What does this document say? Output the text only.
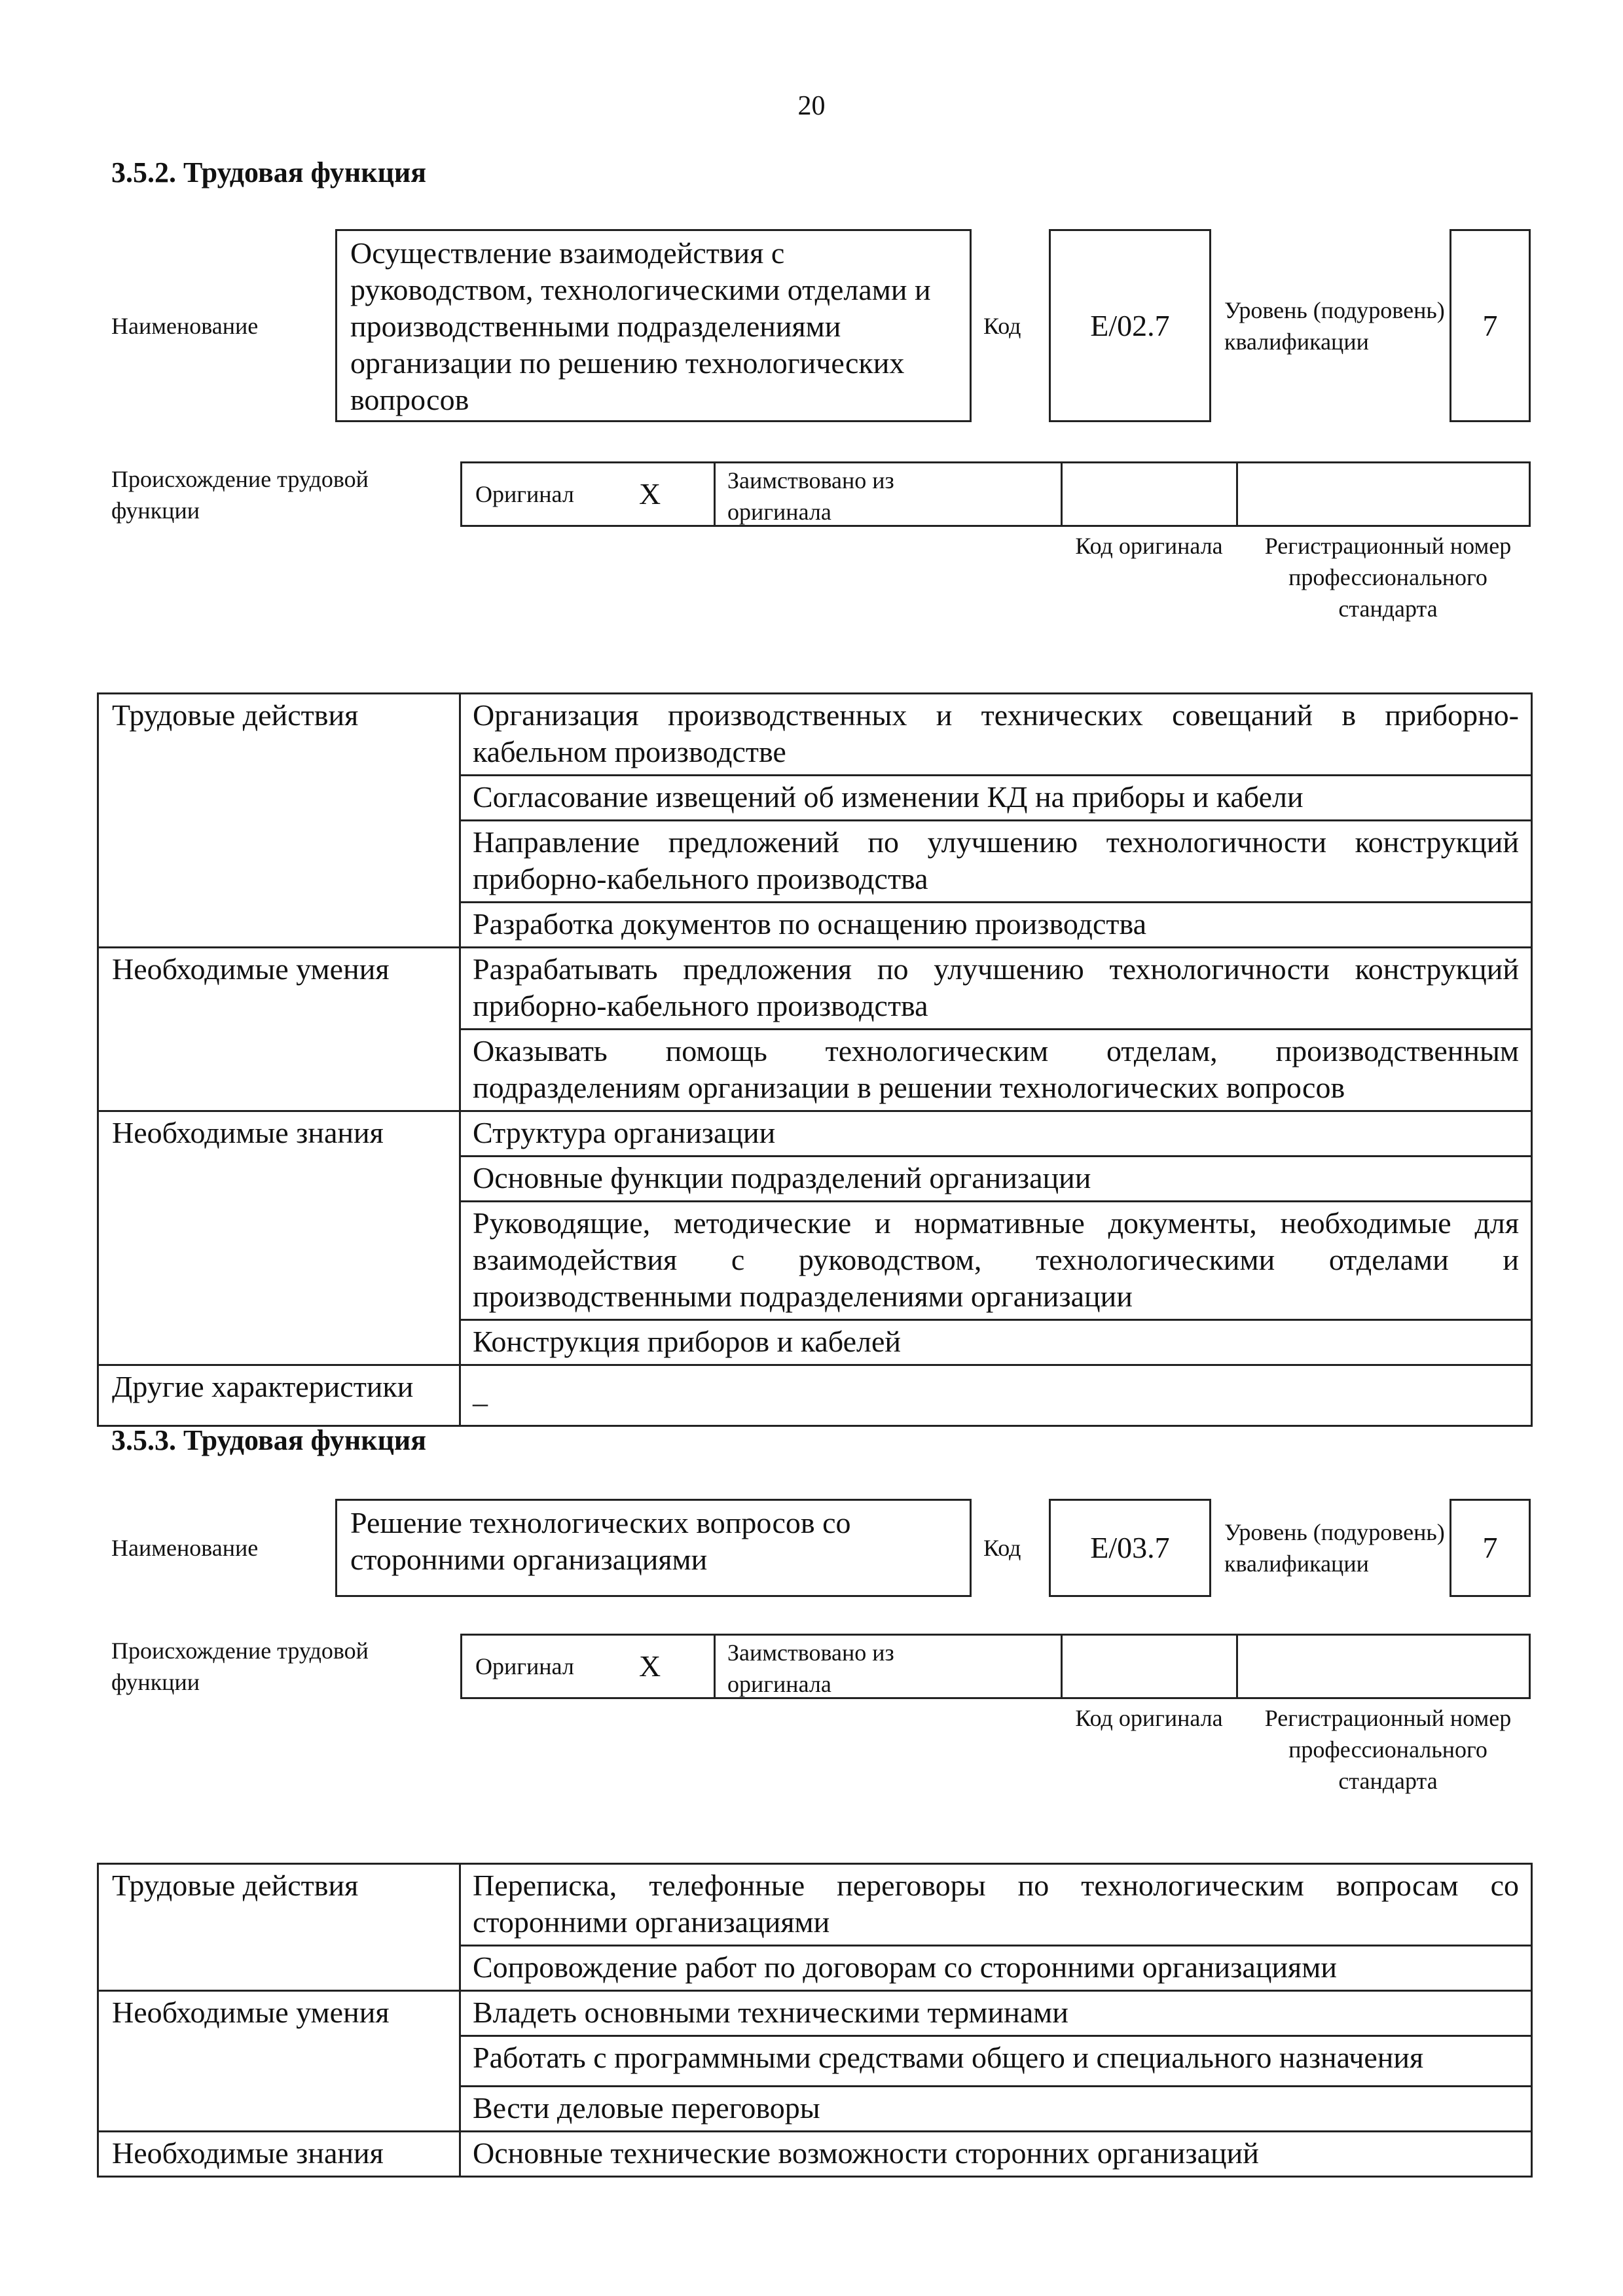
20
3.5.2. Трудовая функция
Наименование
Осуществление взаимодействия с руководством, технологическими отделами и производственными подразделениями организации по решению технологических вопросов
Код	E/02.7	Уровень (подуровень) квалификации	7
Происхождение трудовой функции
Оригинал X	Заимствовано из оригинала
Код оригинала	Регистрационный номер профессионального стандарта
Трудовые действия	Организация производственных и технических совещаний в приборно-кабельном производстве
	Согласование извещений об изменении КД на приборы и кабели
	Направление предложений по улучшению технологичности конструкций приборно-кабельного производства
	Разработка документов по оснащению производства
Необходимые умения	Разрабатывать предложения по улучшению технологичности конструкций приборно-кабельного производства
	Оказывать помощь технологическим отделам, производственным подразделениям организации в решении технологических вопросов
Необходимые знания	Структура организации
	Основные функции подразделений организации
	Руководящие, методические и нормативные документы, необходимые для взаимодействия с руководством, технологическими отделами и производственными подразделениями организации
	Конструкция приборов и кабелей
Другие характеристики	–
3.5.3. Трудовая функция
Наименование
Решение технологических вопросов со сторонними организациями	Код	E/03.7	Уровень (подуровень) квалификации	7
Происхождение трудовой функции
Оригинал X	Заимствовано из оригинала
Код оригинала	Регистрационный номер профессионального стандарта
Трудовые действия	Переписка, телефонные переговоры по технологическим вопросам со сторонними организациями
	Сопровождение работ по договорам со сторонними организациями
Необходимые умения	Владеть основными техническими терминами
	Работать с программными средствами общего и специального назначения
	Вести деловые переговоры
Необходимые знания	Основные технические возможности сторонних организаций
